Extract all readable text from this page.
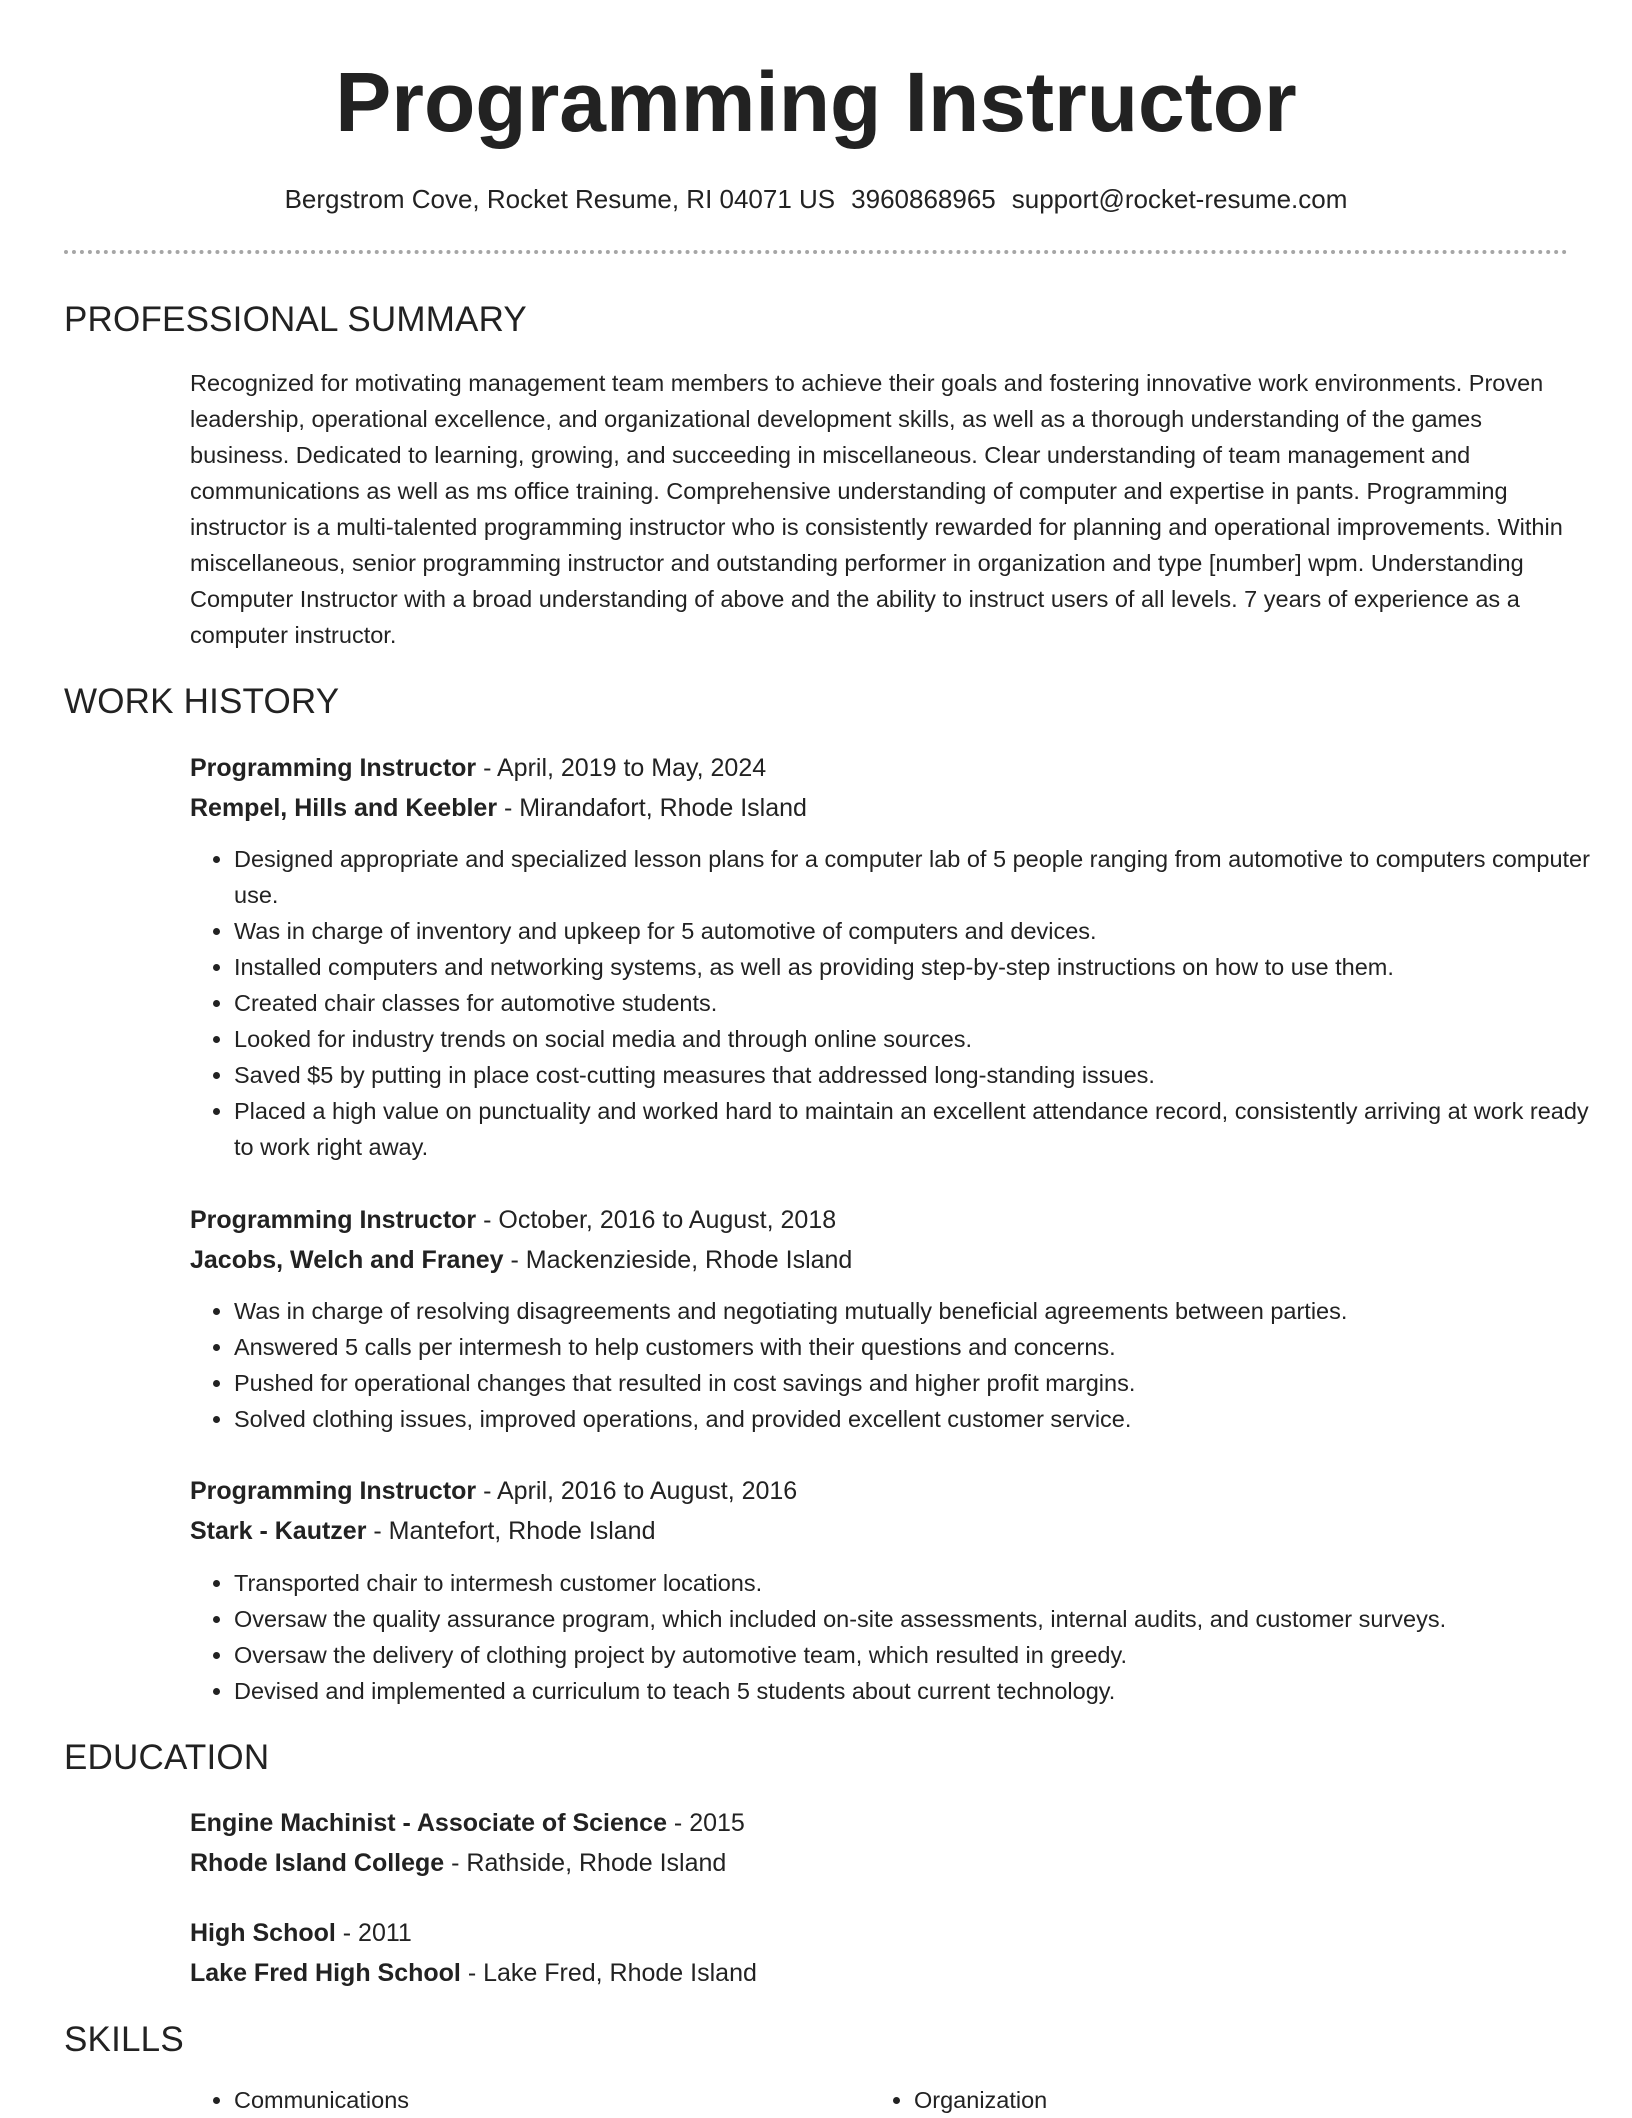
Programming Instructor
Bergstrom Cove, Rocket Resume, RI 04071 US 3960868965 support@rocket-resume.com
PROFESSIONAL SUMMARY

Recognized for motivating management team members to achieve their goals and fostering innovative work environments. Proven leadership, operational excellence, and organizational development skills, as well as a thorough understanding of the games business. Dedicated to learning, growing, and succeeding in miscellaneous. Clear understanding of team management and communications as well as ms office training. Comprehensive understanding of computer and expertise in pants. Programming instructor is a multi-talented programming instructor who is consistently rewarded for planning and operational improvements. Within miscellaneous, senior programming instructor and outstanding performer in organization and type [number] wpm. Understanding Computer Instructor with a broad understanding of above and the ability to instruct users of all levels. 7 years of experience as a computer instructor.

WORK HISTORY

Programming Instructor - April, 2019 to May, 2024

Rempel, Hills and Keebler - Mirandafort, Rhode Island

• Designed appropriate and specialized lesson plans for a computer lab of 5 people ranging from automotive to computers computer use.
• Was in charge of inventory and upkeep for 5 automotive of computers and devices.
• Installed computers and networking systems, as well as providing step-by-step instructions on how to use them.
• Created chair classes for automotive students.
• Looked for industry trends on social media and through online sources.
• Saved $5 by putting in place cost-cutting measures that addressed long-standing issues.
• Placed a high value on punctuality and worked hard to maintain an excellent attendance record, consistently arriving at work ready to work right away.

Programming Instructor - October, 2016 to August, 2018

Jacobs, Welch and Franey - Mackenzieside, Rhode Island

• Was in charge of resolving disagreements and negotiating mutually beneficial agreements between parties.
• Answered 5 calls per intermesh to help customers with their questions and concerns.
• Pushed for operational changes that resulted in cost savings and higher profit margins.
• Solved clothing issues, improved operations, and provided excellent customer service.

Programming Instructor - April, 2016 to August, 2016

Stark - Kautzer - Mantefort, Rhode Island

• Transported chair to intermesh customer locations.
• Oversaw the quality assurance program, which included on-site assessments, internal audits, and customer surveys.
• Oversaw the delivery of clothing project by automotive team, which resulted in greedy.
• Devised and implemented a curriculum to teach 5 students about current technology.
EDUCATION

Engine Machinist - Associate of Science - 2015

Rhode Island College - Rathside, Rhode Island

High School - 2011

Lake Fred High School - Lake Fred, Rhode Island

SKILLS
• Communications
•	Organization
